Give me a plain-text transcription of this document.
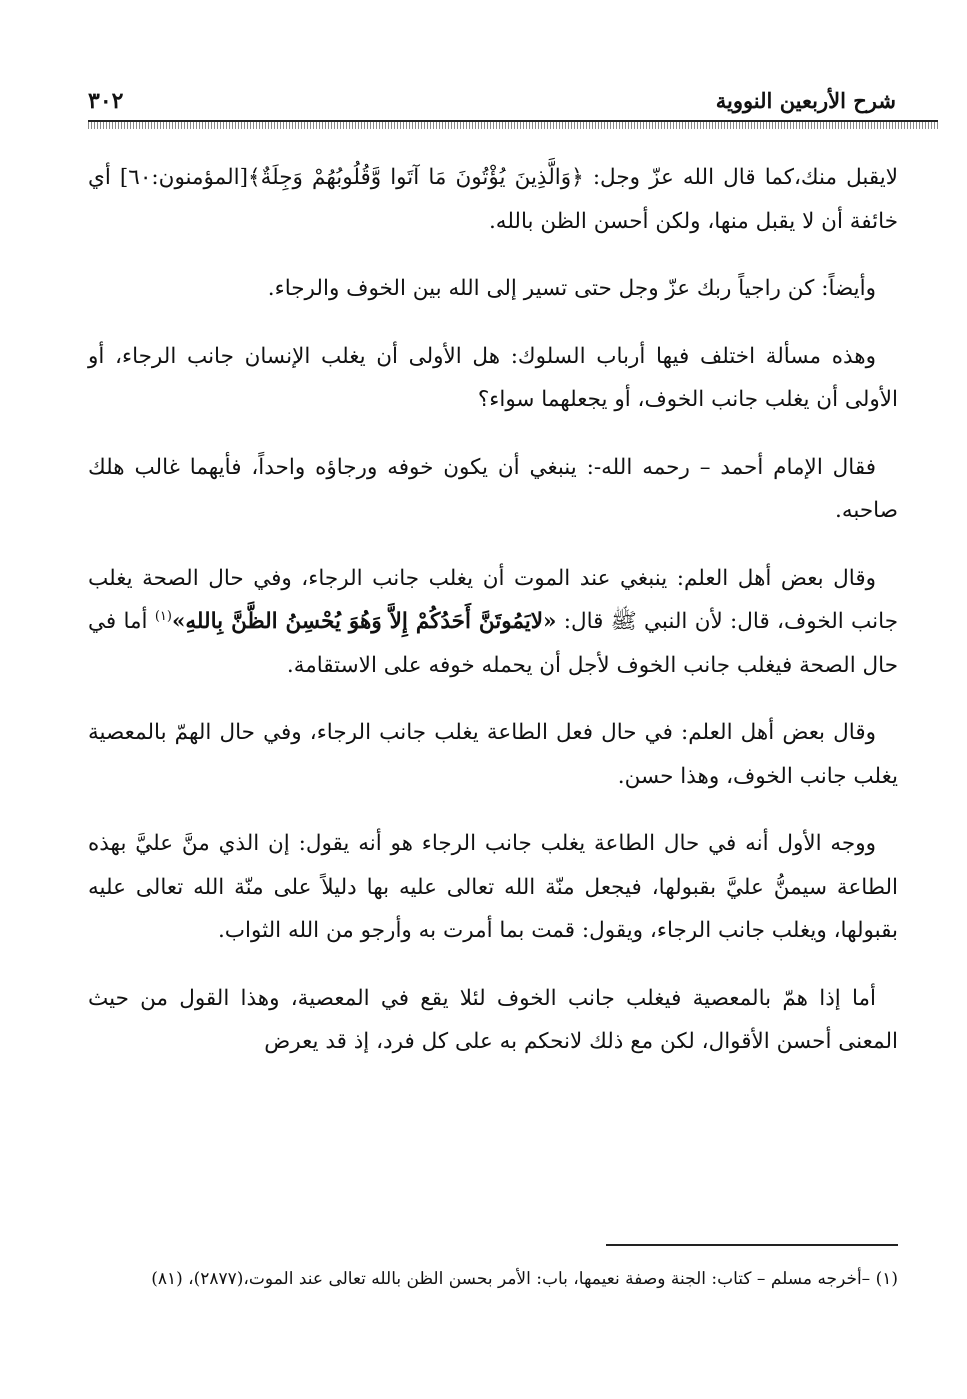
شرح الأربعين النووية
٣٠٢

لايقبل منك،كما قال الله عزّ وجل: ﴿وَالَّذِينَ يُؤْتُونَ مَا آتَوا وَّقُلُوبُهُمْ وَجِلَةٌ﴾[المؤمنون:٦٠] أي خائفة أن لا يقبل منها، ولكن أحسن الظن بالله.

وأيضاً: كن راجياً ربك عزّ وجل حتى تسير إلى الله بين الخوف والرجاء.

وهذه مسألة اختلف فيها أرباب السلوك: هل الأولى أن يغلب الإنسان جانب الرجاء، أو الأولى أن يغلب جانب الخوف، أو يجعلهما سواء؟

فقال الإمام أحمد – رحمه الله-: ينبغي أن يكون خوفه ورجاؤه واحداً، فأيهما غالب هلك صاحبه.

وقال بعض أهل العلم: ينبغي عند الموت أن يغلب جانب الرجاء، وفي حال الصحة يغلب جانب الخوف، قال: لأن النبي ﷺ قال: «لايَمُوتَنَّ أَحَدُكُمْ إِلاَّ وَهُوَ يُحْسِنُ الظَّنَّ بِاللهِ»$^{(١)}$ أما في حال الصحة فيغلب جانب الخوف لأجل أن يحمله خوفه على الاستقامة.

وقال بعض أهل العلم: في حال فعل الطاعة يغلب جانب الرجاء، وفي حال الهمّ بالمعصية يغلب جانب الخوف، وهذا حسن.

ووجه الأول أنه في حال الطاعة يغلب جانب الرجاء هو أنه يقول: إن الذي منَّ عليَّ بهذه الطاعة سيمنُّ عليَّ بقبولها، فيجعل منّة الله تعالى عليه بها دليلاً على منّة الله تعالى عليه بقبولها، ويغلب جانب الرجاء، ويقول: قمت بما أمرت به وأرجو من الله الثواب.

أما إذا همّ بالمعصية فيغلب جانب الخوف لئلا يقع في المعصية، وهذا القول من حيث المعنى أحسن الأقوال، لكن مع ذلك لانحكم به على كل فرد، إذ قد يعرض

(١) –أخرجه مسلم – كتاب: الجنة وصفة نعيمها، باب: الأمر بحسن الظن بالله تعالى عند الموت،(٢٨٧٧)، (٨١)
